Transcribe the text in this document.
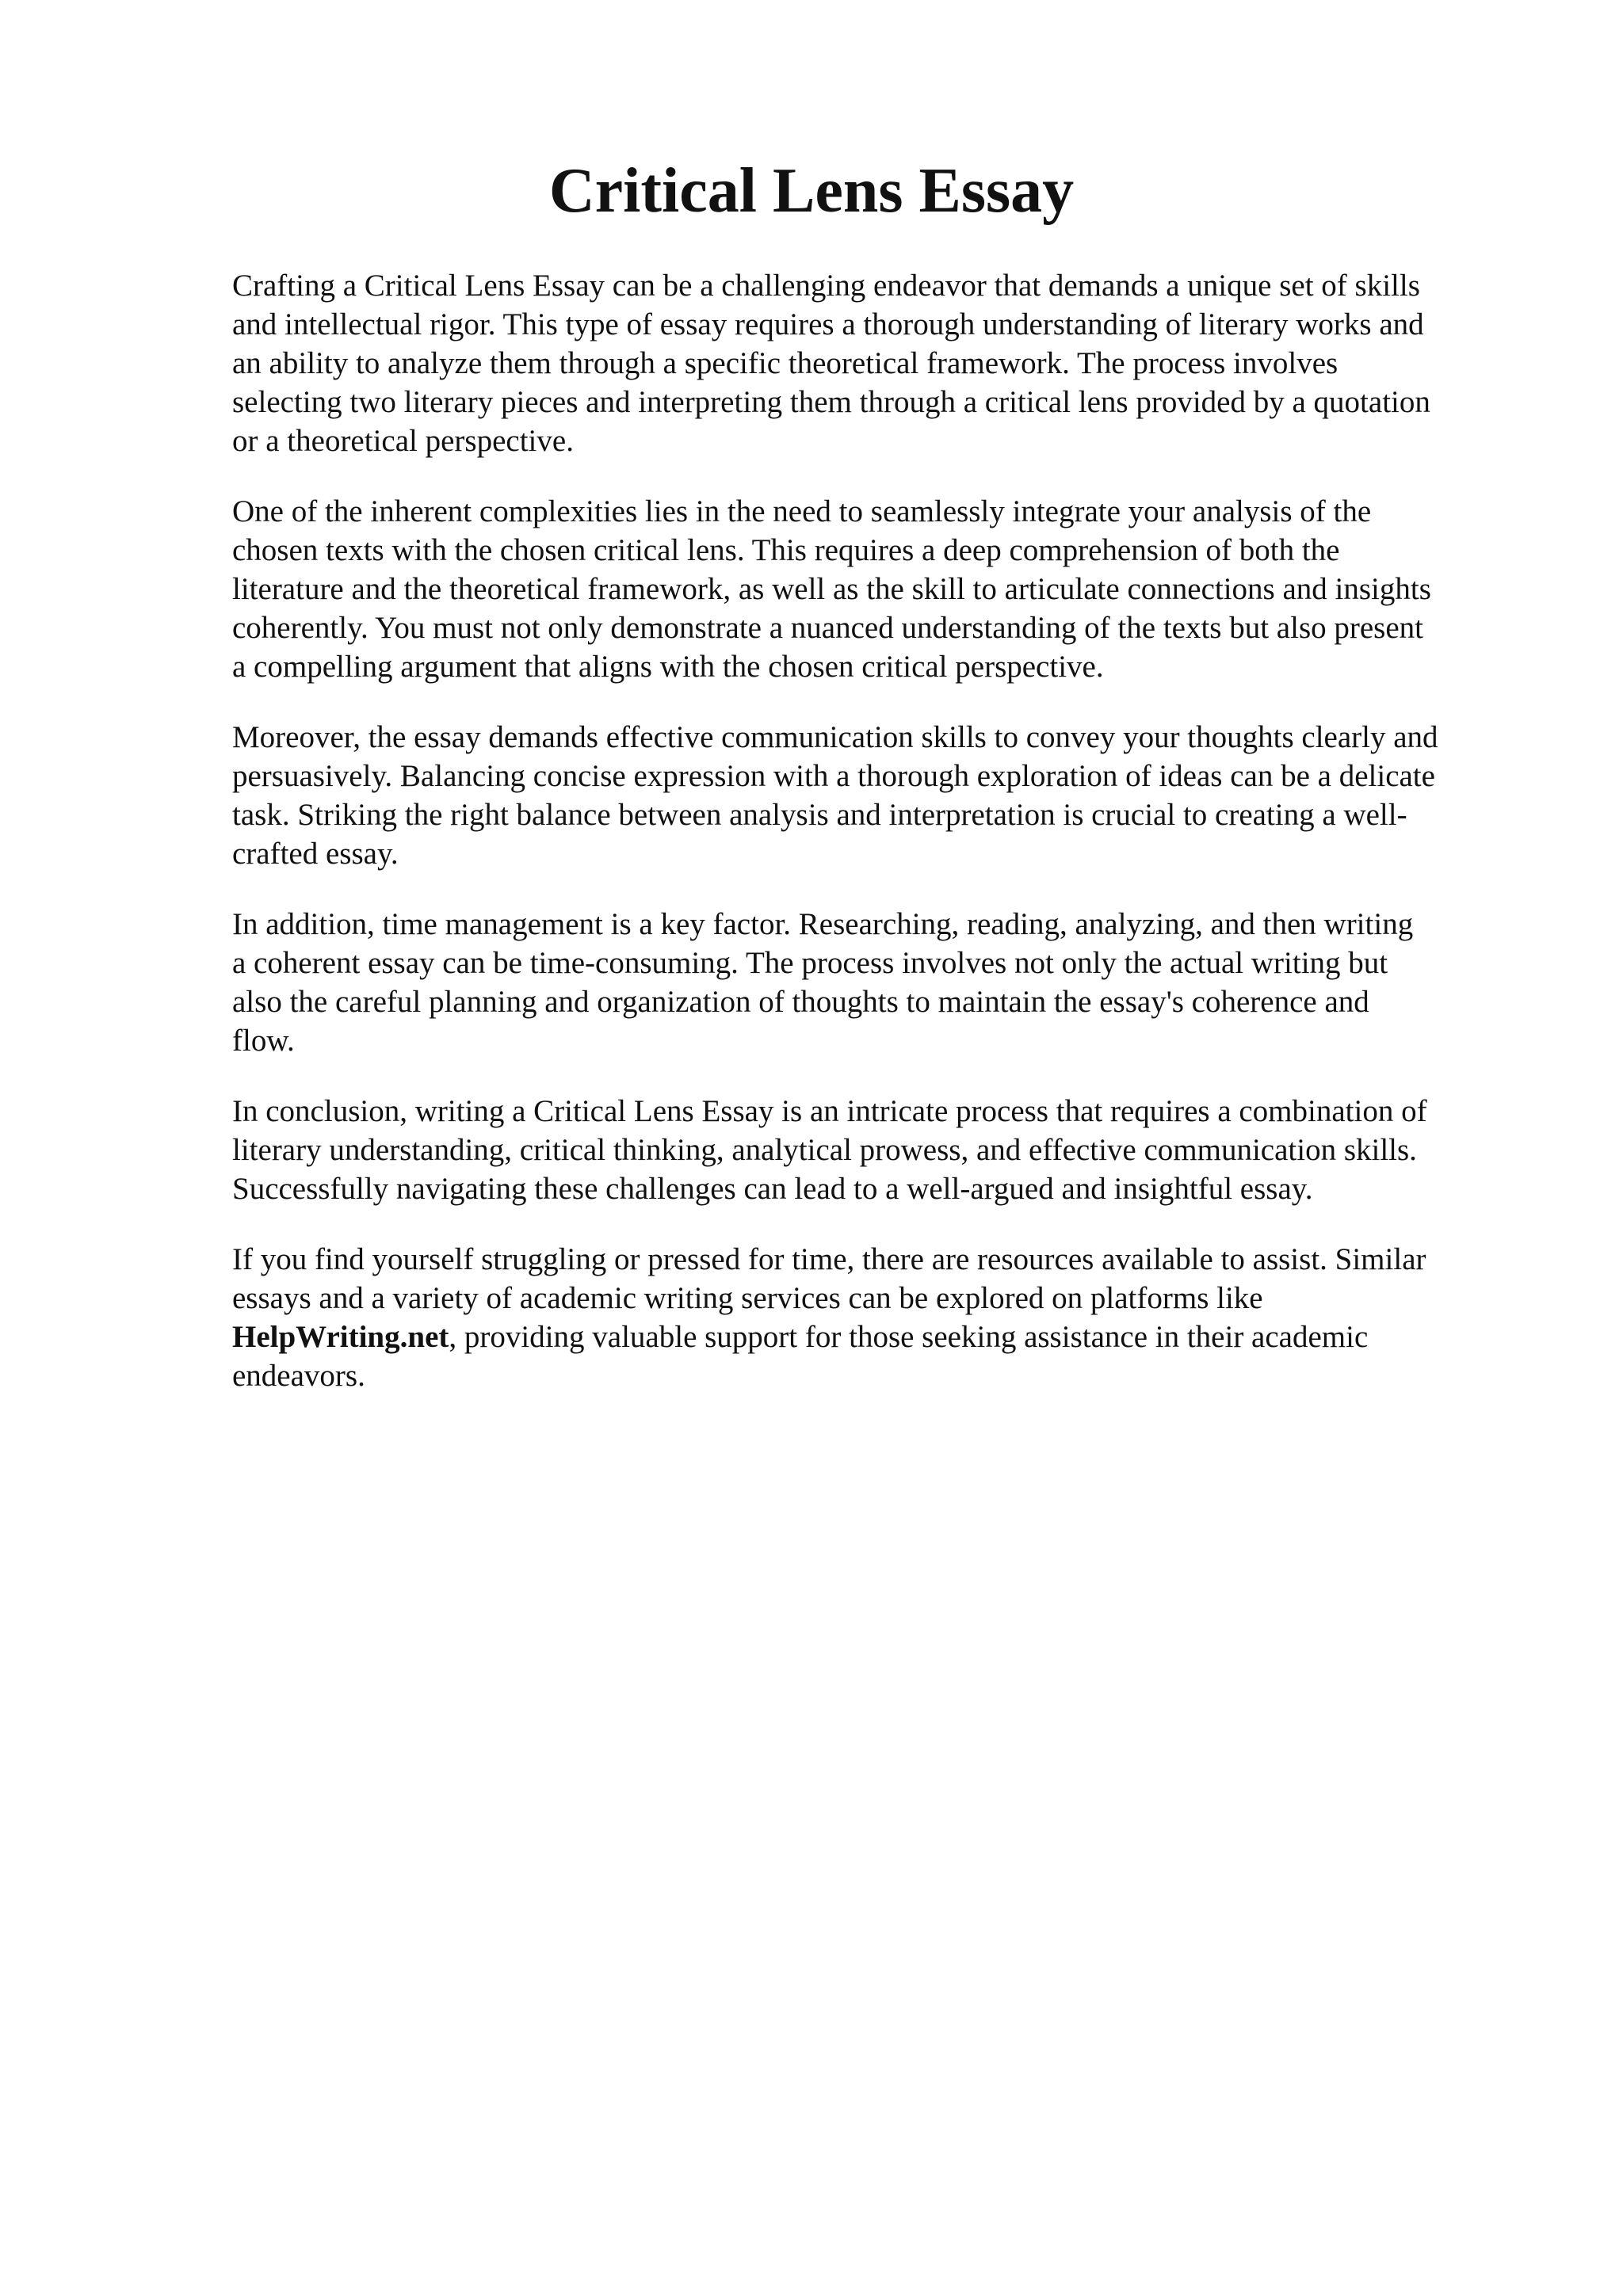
Critical Lens Essay

Crafting a Critical Lens Essay can be a challenging endeavor that demands a unique set of skills
and intellectual rigor. This type of essay requires a thorough understanding of literary works and
an ability to analyze them through a specific theoretical framework. The process involves
selecting two literary pieces and interpreting them through a critical lens provided by a quotation
or a theoretical perspective.

One of the inherent complexities lies in the need to seamlessly integrate your analysis of the
chosen texts with the chosen critical lens. This requires a deep comprehension of both the
literature and the theoretical framework, as well as the skill to articulate connections and insights
coherently. You must not only demonstrate a nuanced understanding of the texts but also present
a compelling argument that aligns with the chosen critical perspective.

Moreover, the essay demands effective communication skills to convey your thoughts clearly and
persuasively. Balancing concise expression with a thorough exploration of ideas can be a delicate
task. Striking the right balance between analysis and interpretation is crucial to creating a well-
crafted essay.

In addition, time management is a key factor. Researching, reading, analyzing, and then writing
a coherent essay can be time-consuming. The process involves not only the actual writing but
also the careful planning and organization of thoughts to maintain the essay's coherence and
flow.

In conclusion, writing a Critical Lens Essay is an intricate process that requires a combination of
literary understanding, critical thinking, analytical prowess, and effective communication skills.
Successfully navigating these challenges can lead to a well-argued and insightful essay.

If you find yourself struggling or pressed for time, there are resources available to assist. Similar
essays and a variety of academic writing services can be explored on platforms like
HelpWriting.net, providing valuable support for those seeking assistance in their academic
endeavors.
